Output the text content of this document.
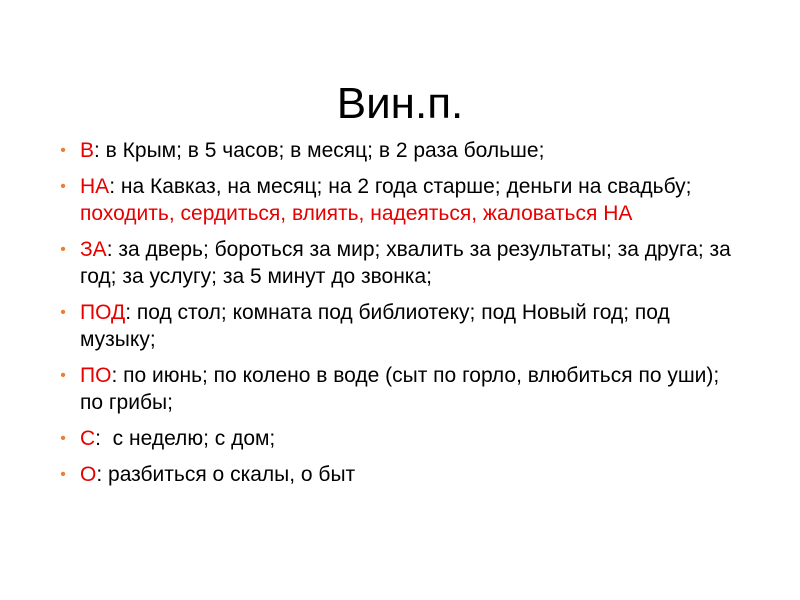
Вин.п.
• В: в Крым; в 5 часов; в месяц; в 2 раза больше;
• НА: на Кавказ, на месяц; на 2 года старше; деньги на свадьбу; походить, сердиться, влиять, надеяться, жаловаться НА
• ЗА: за дверь; бороться за мир; хвалить за результаты; за друга; за год; за услугу; за 5 минут до звонка;
• ПОД: под стол; комната под библиотеку; под Новый год; под музыку;
• ПО: по июнь; по колено в воде (сыт по горло, влюбиться по уши); по грибы;
• С:  с неделю; с дом;
• О: разбиться о скалы, о быт
